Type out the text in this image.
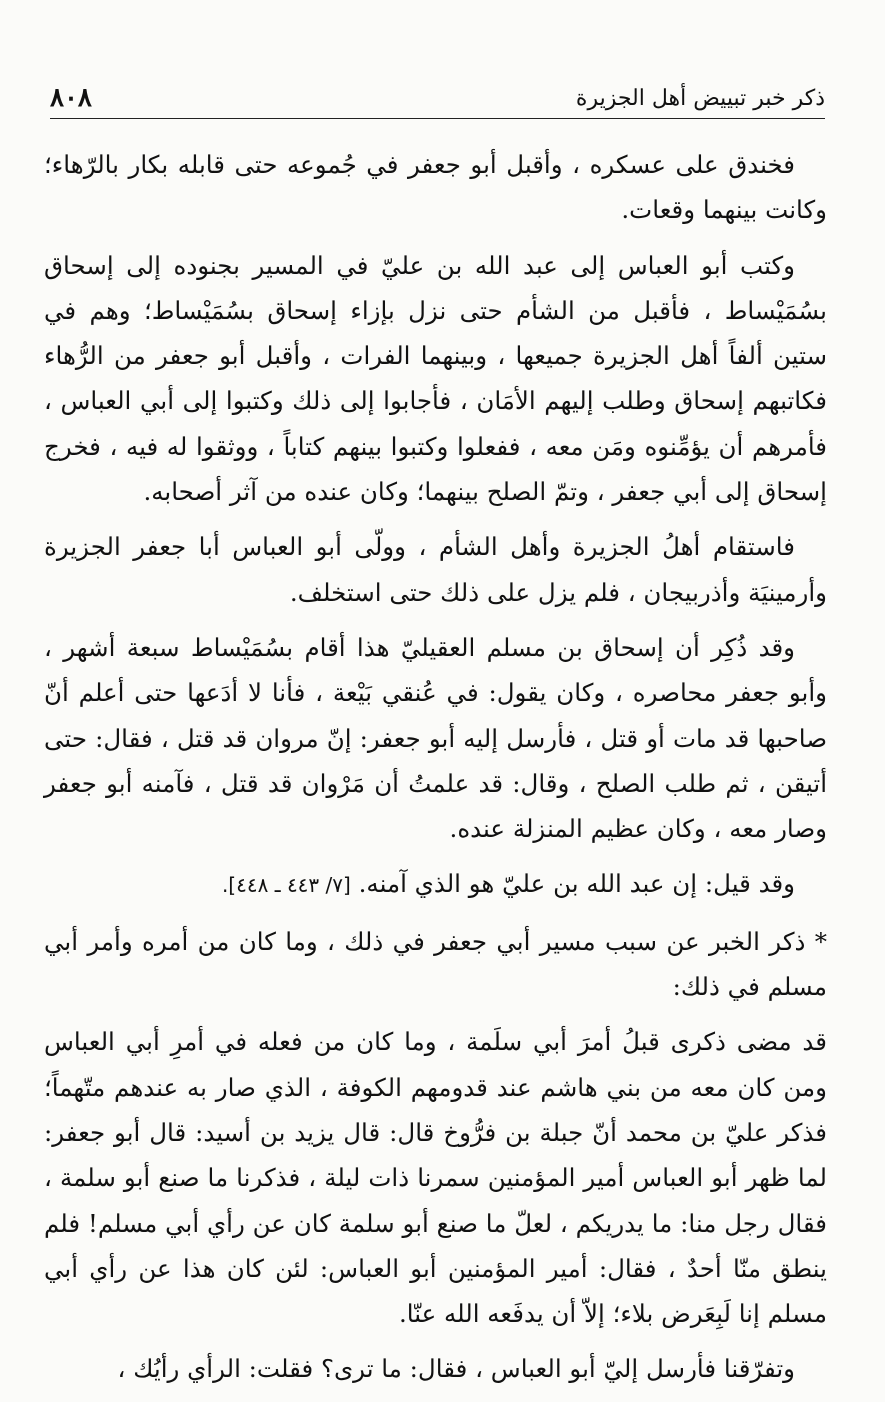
٨٠٨	ذكر خبر تبييض أهل الجزيرة

فخندق على عسكره ، وأقبل أبو جعفر في جُموعه حتى قابله بكار بالرّهاء؛ وكانت بينهما وقعات.

وكتب أبو العباس إلى عبد الله بن عليّ في المسير بجنوده إلى إسحاق بسُمَيْساط ، فأقبل من الشأم حتى نزل بإزاء إسحاق بسُمَيْساط؛ وهم في ستين ألفاً أهل الجزيرة جميعها ، وبينهما الفرات ، وأقبل أبو جعفر من الرُّهاء فكاتبهم إسحاق وطلب إليهم الأمَان ، فأجابوا إلى ذلك وكتبوا إلى أبي العباس ، فأمرهم أن يؤمِّنوه ومَن معه ، ففعلوا وكتبوا بينهم كتاباً ، ووثقوا له فيه ، فخرج إسحاق إلى أبي جعفر ، وتمّ الصلح بينهما؛ وكان عنده من آثر أصحابه.

فاستقام أهلُ الجزيرة وأهل الشأم ، وولّى أبو العباس أبا جعفر الجزيرة وأرمينيَة وأذربيجان ، فلم يزل على ذلك حتى استخلف.

وقد ذُكِر أن إسحاق بن مسلم العقيليّ هذا أقام بسُمَيْساط سبعة أشهر ، وأبو جعفر محاصره ، وكان يقول: في عُنقي بَيْعة ، فأنا لا أدَعها حتى أعلم أنّ صاحبها قد مات أو قتل ، فأرسل إليه أبو جعفر: إنّ مروان قد قتل ، فقال: حتى أتيقن ، ثم طلب الصلح ، وقال: قد علمتُ أن مَرْوان قد قتل ، فآمنه أبو جعفر وصار معه ، وكان عظيم المنزلة عنده.

وقد قيل: إن عبد الله بن عليّ هو الذي آمنه. [٧/ ٤٤٣ ـ ٤٤٨].

* ذكر الخبر عن سبب مسير أبي جعفر في ذلك ، وما كان من أمره وأمر أبي مسلم في ذلك:

قد مضى ذكرى قبلُ أمرَ أبي سلَمة ، وما كان من فعله في أمرِ أبي العباس ومن كان معه من بني هاشم عند قدومهم الكوفة ، الذي صار به عندهم متّهماً؛ فذكر عليّ بن محمد أنّ جبلة بن فرُّوخ قال: قال يزيد بن أسيد: قال أبو جعفر: لما ظهر أبو العباس أمير المؤمنين سمرنا ذات ليلة ، فذكرنا ما صنع أبو سلمة ، فقال رجل منا: ما يدريكم ، لعلّ ما صنع أبو سلمة كان عن رأي أبي مسلم! فلم ينطق منّا أحدٌ ، فقال: أمير المؤمنين أبو العباس: لئن كان هذا عن رأي أبي مسلم إنا لَبِعَرض بلاء؛ إلاّ أن يدفَعه الله عنّا.

وتفرّقنا فأرسل إليّ أبو العباس ، فقال: ما ترى؟ فقلت: الرأي رأيُك ،
